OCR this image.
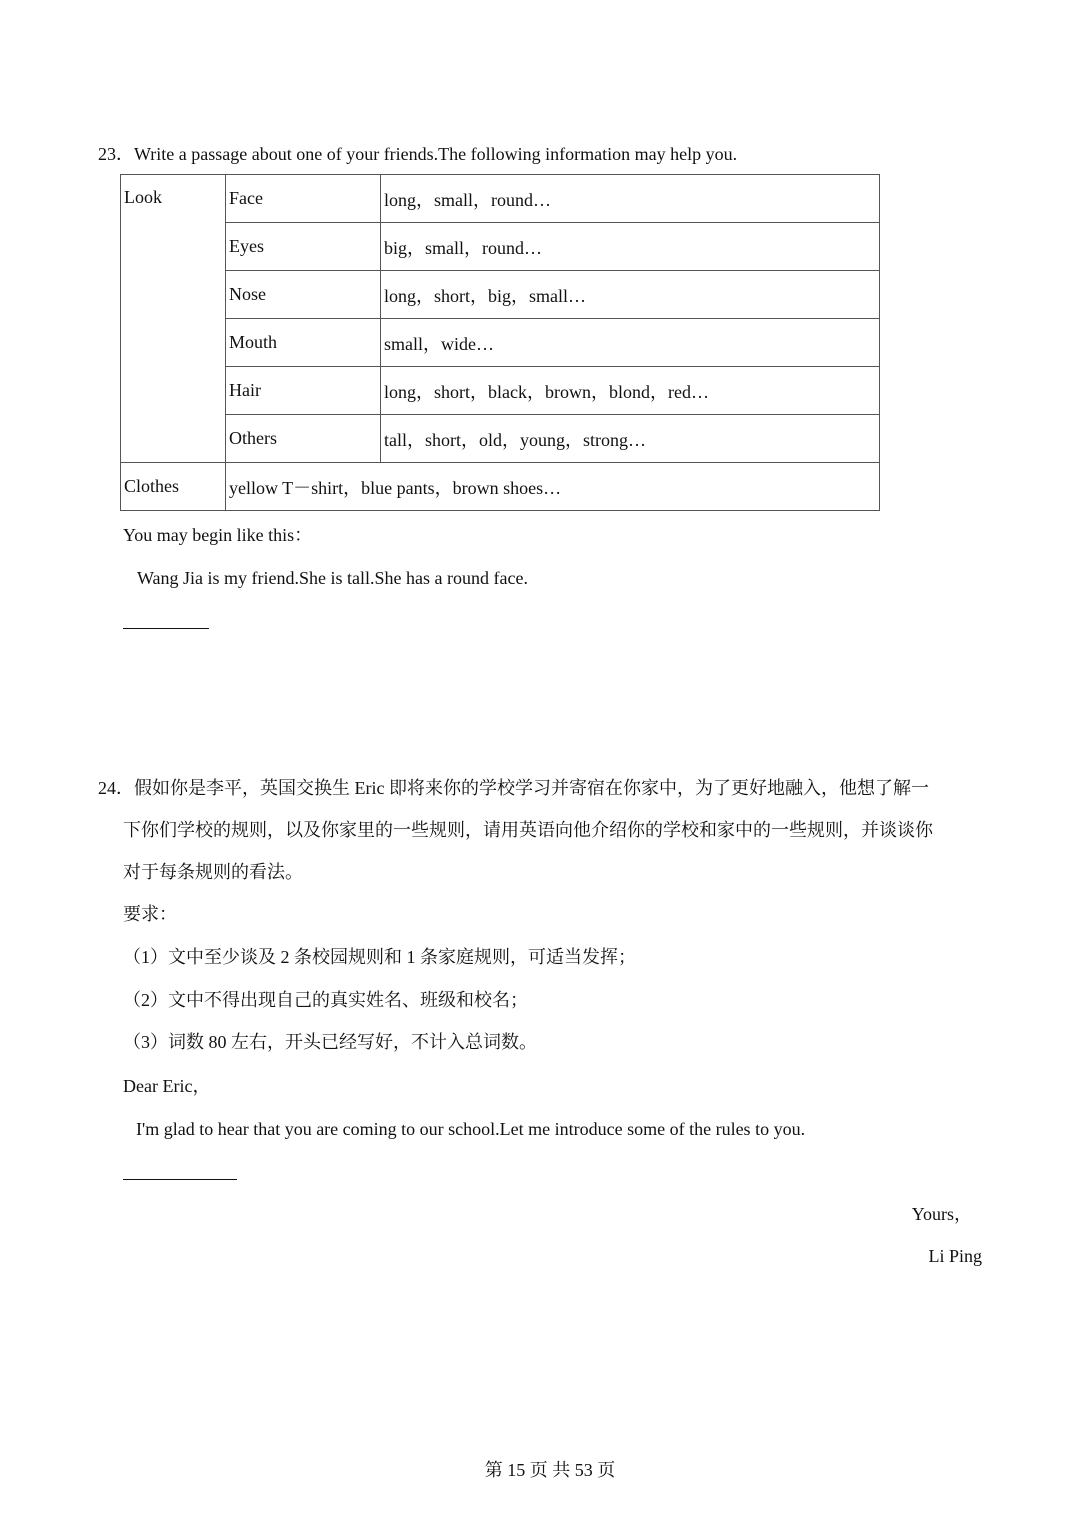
23．Write a passage about one of your friends.The following information may help you.
Look	Face	long，small，round…
	Eyes	big，small，round…
	Nose	long，short，big，small…
	Mouth	small，wide…
	Hair	long，short，black，brown，blond，red…
	Others	tall，short，old，young，strong…
Clothes	yellow T－shirt，blue pants，brown shoes…	
You may begin like this：
Wang Jia is my friend.She is tall.She has a round face.
24．假如你是李平，英国交换生 Eric 即将来你的学校学习并寄宿在你家中，为了更好地融入，他想了解一
下你们学校的规则，以及你家里的一些规则，请用英语向他介绍你的学校和家中的一些规则，并谈谈你
对于每条规则的看法。
要求：
（1）文中至少谈及 2 条校园规则和 1 条家庭规则，可适当发挥；
（2）文中不得出现自己的真实姓名、班级和校名；
（3）词数 80 左右，开头已经写好，不计入总词数。
Dear Eric，
I'm glad to hear that you are coming to our school.Let me introduce some of the rules to you.
Yours，
Li Ping
第 15 页 共 53 页
